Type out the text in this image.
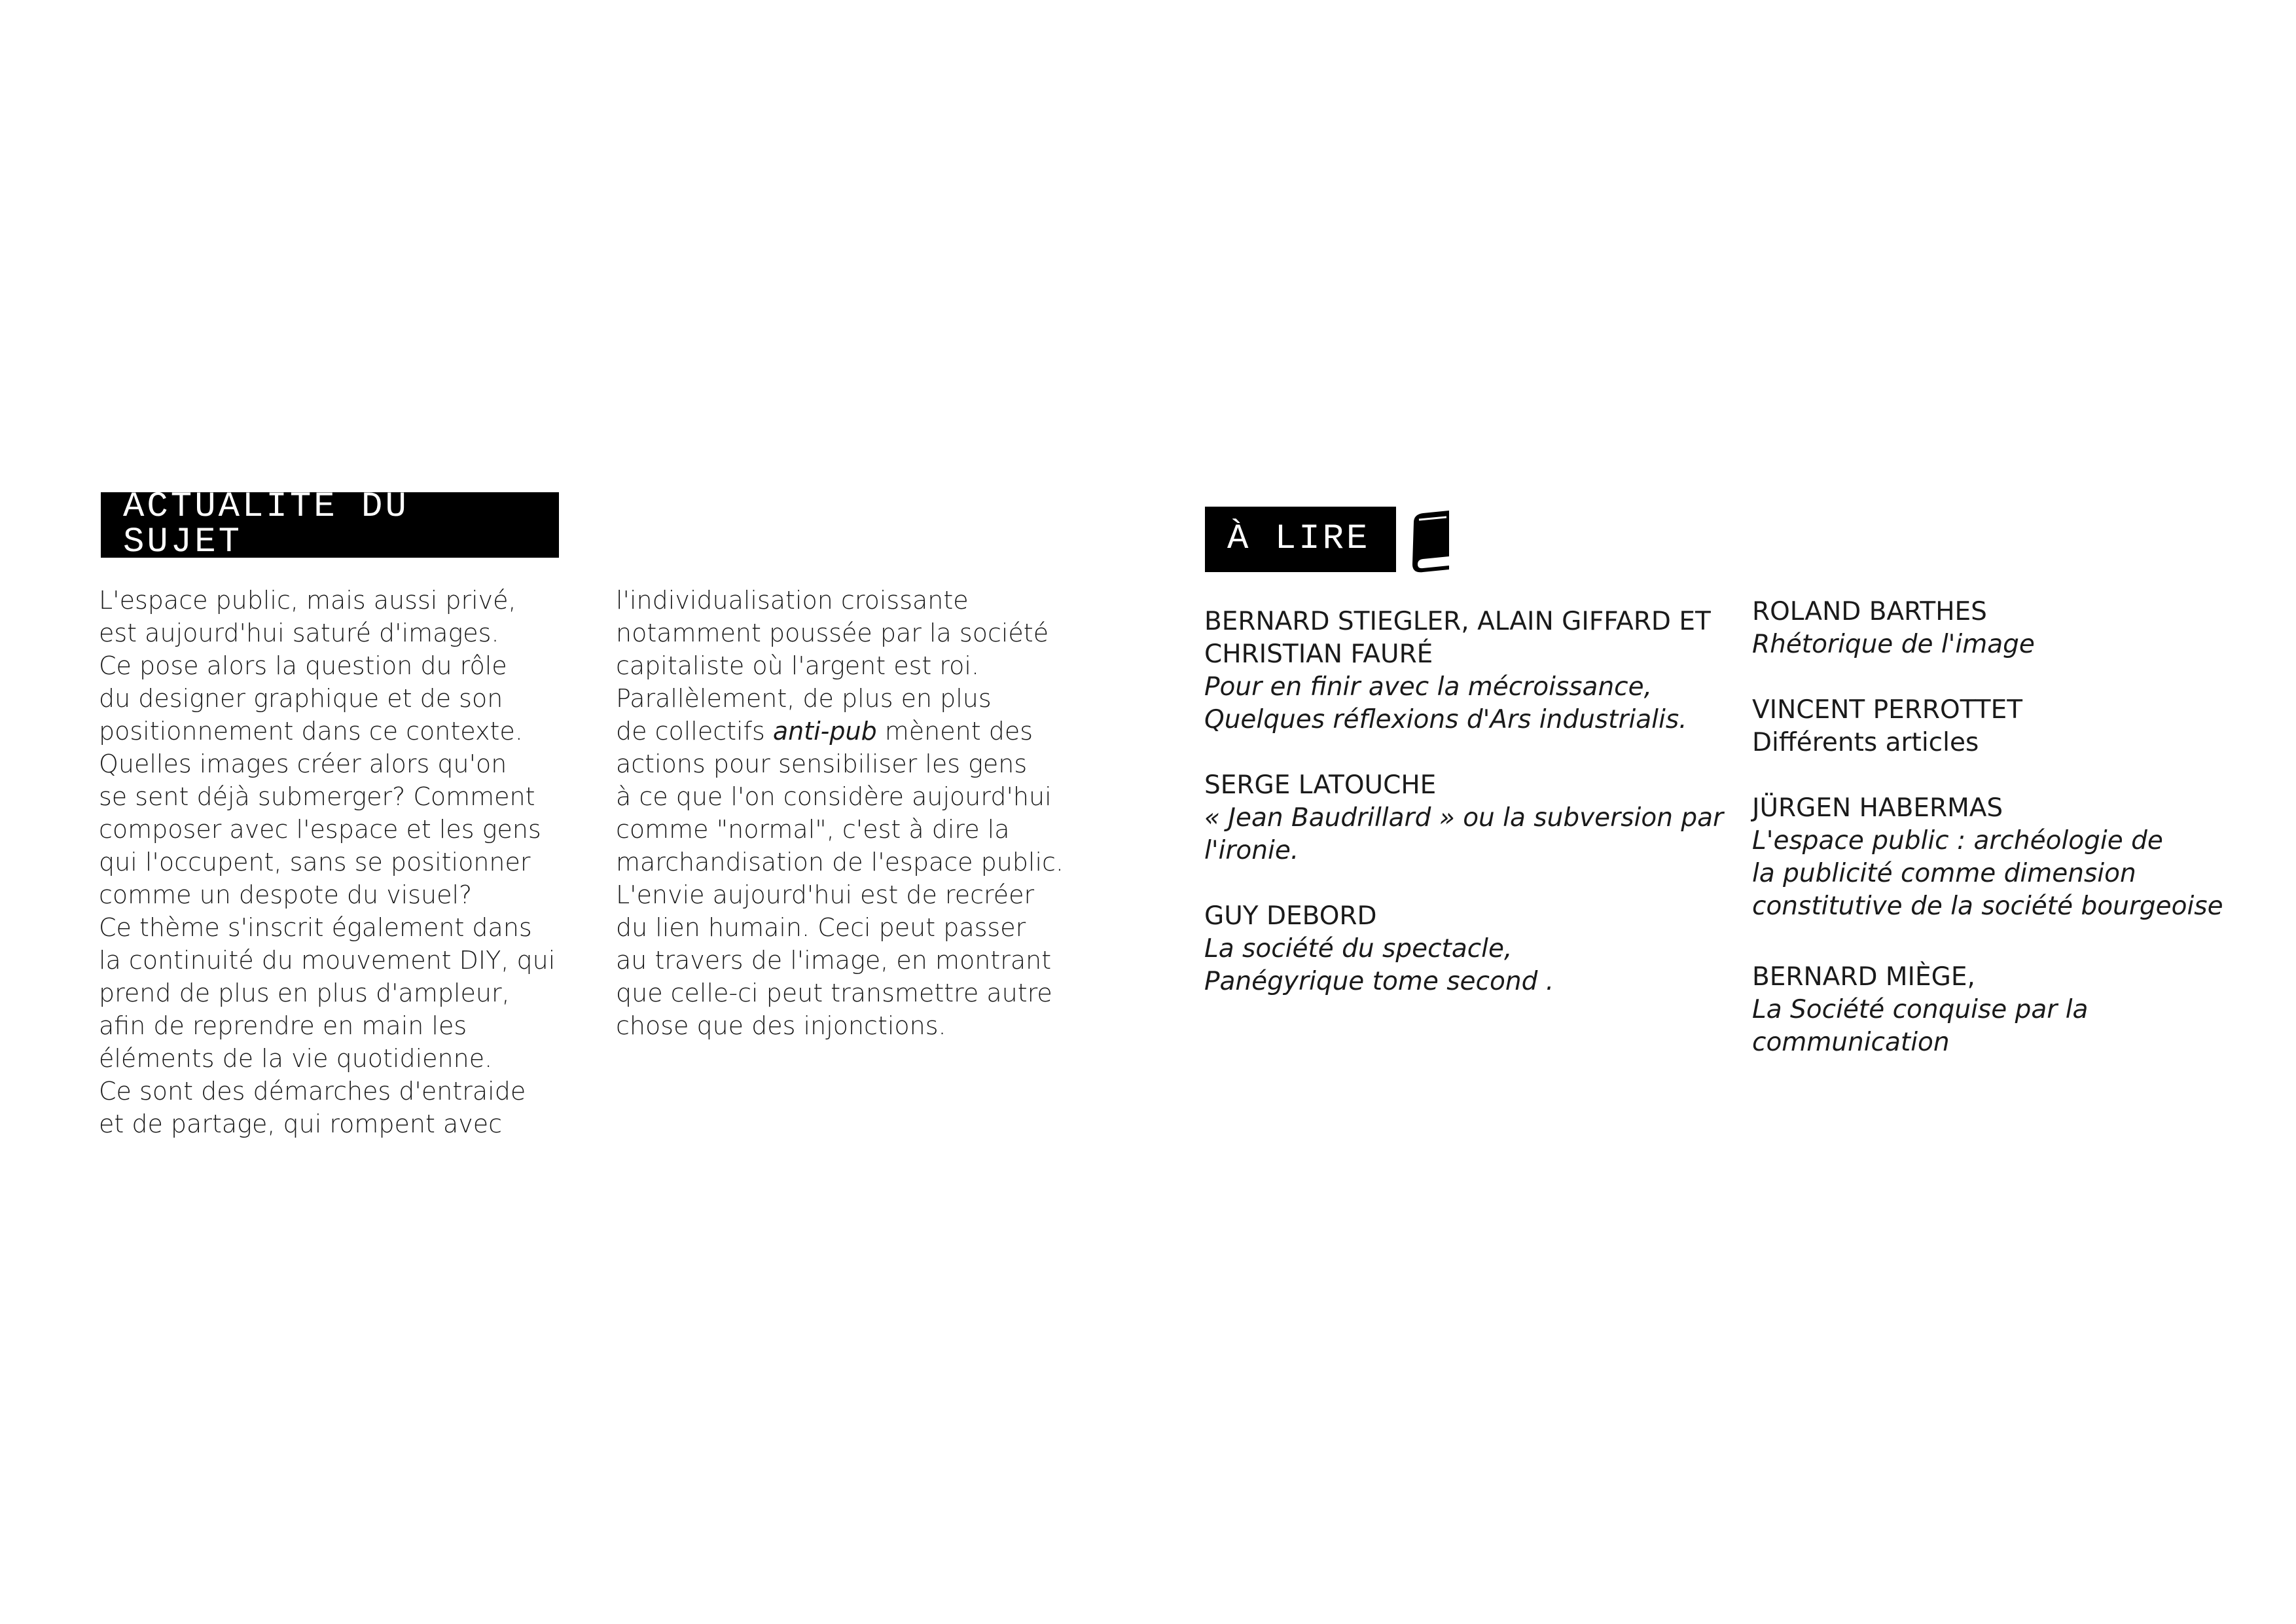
ACTUALITÉ DU SUJET
L'espace public, mais aussi privé,
est aujourd'hui saturé d'images.
Ce pose alors la question du rôle
du designer graphique et de son
positionnement dans ce contexte.
Quelles images créer alors qu'on
se sent déjà submerger? Comment
composer avec l'espace et les gens
qui l'occupent, sans se positionner
comme un despote du visuel?
Ce thème s'inscrit également dans
la continuité du mouvement DIY, qui
prend de plus en plus d'ampleur,
afin de reprendre en main les
éléments de la vie quotidienne.
Ce sont des démarches d'entraide
et de partage, qui rompent avec
l'individualisation croissante
notamment poussée par la société
capitaliste où l'argent est roi.
Parallèlement, de plus en plus
de collectifs anti-pub mènent des
actions pour sensibiliser les gens
à ce que l'on considère aujourd'hui
comme "normal", c'est à dire la
marchandisation de l'espace public.
L'envie aujourd'hui est de recréer
du lien humain. Ceci peut passer
au travers de l'image, en montrant
que celle-ci peut transmettre autre
chose que des injonctions.
À LIRE
BERNARD STIEGLER, ALAIN GIFFARD ET
CHRISTIAN FAURÉ
Pour en finir avec la mécroissance,
Quelques réflexions d'Ars industrialis.
SERGE LATOUCHE
« Jean Baudrillard » ou la subversion par
l'ironie.
GUY DEBORD
La société du spectacle,
Panégyrique tome second .
ROLAND BARTHES
Rhétorique de l'image
VINCENT PERROTTET
Différents articles
JÜRGEN HABERMAS
L'espace public : archéologie de
la publicité comme dimension
constitutive de la société bourgeoise
BERNARD MIÈGE,
La Société conquise par la
communication
